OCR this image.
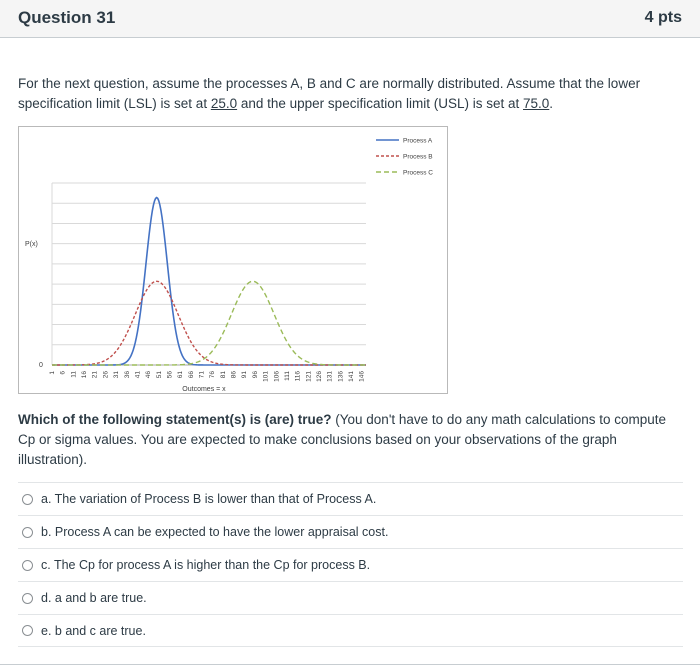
Question 31	4 pts
For the next question, assume the processes A, B and C are normally distributed. Assume that the lower specification limit (LSL) is set at 25.0 and the upper specification limit (USL) is set at 75.0.
P(x)
0
1 6 11 16 21 26 31 36 41 46 51 56 61 66 71 76 81 86 91 96 101 106 111 116 121 126 131 136 141 146
Outcomes = x
Process A
Process B
Process C
Which of the following statement(s) is (are) true? (You don't have to do any math calculations to compute Cp or sigma values. You are expected to make conclusions based on your observations of the graph illustration).
a. The variation of Process B is lower than that of Process A.
b. Process A can be expected to have the lower appraisal cost.
c. The Cp for process A is higher than the Cp for process B.
d. a and b are true.
e. b and c are true.
